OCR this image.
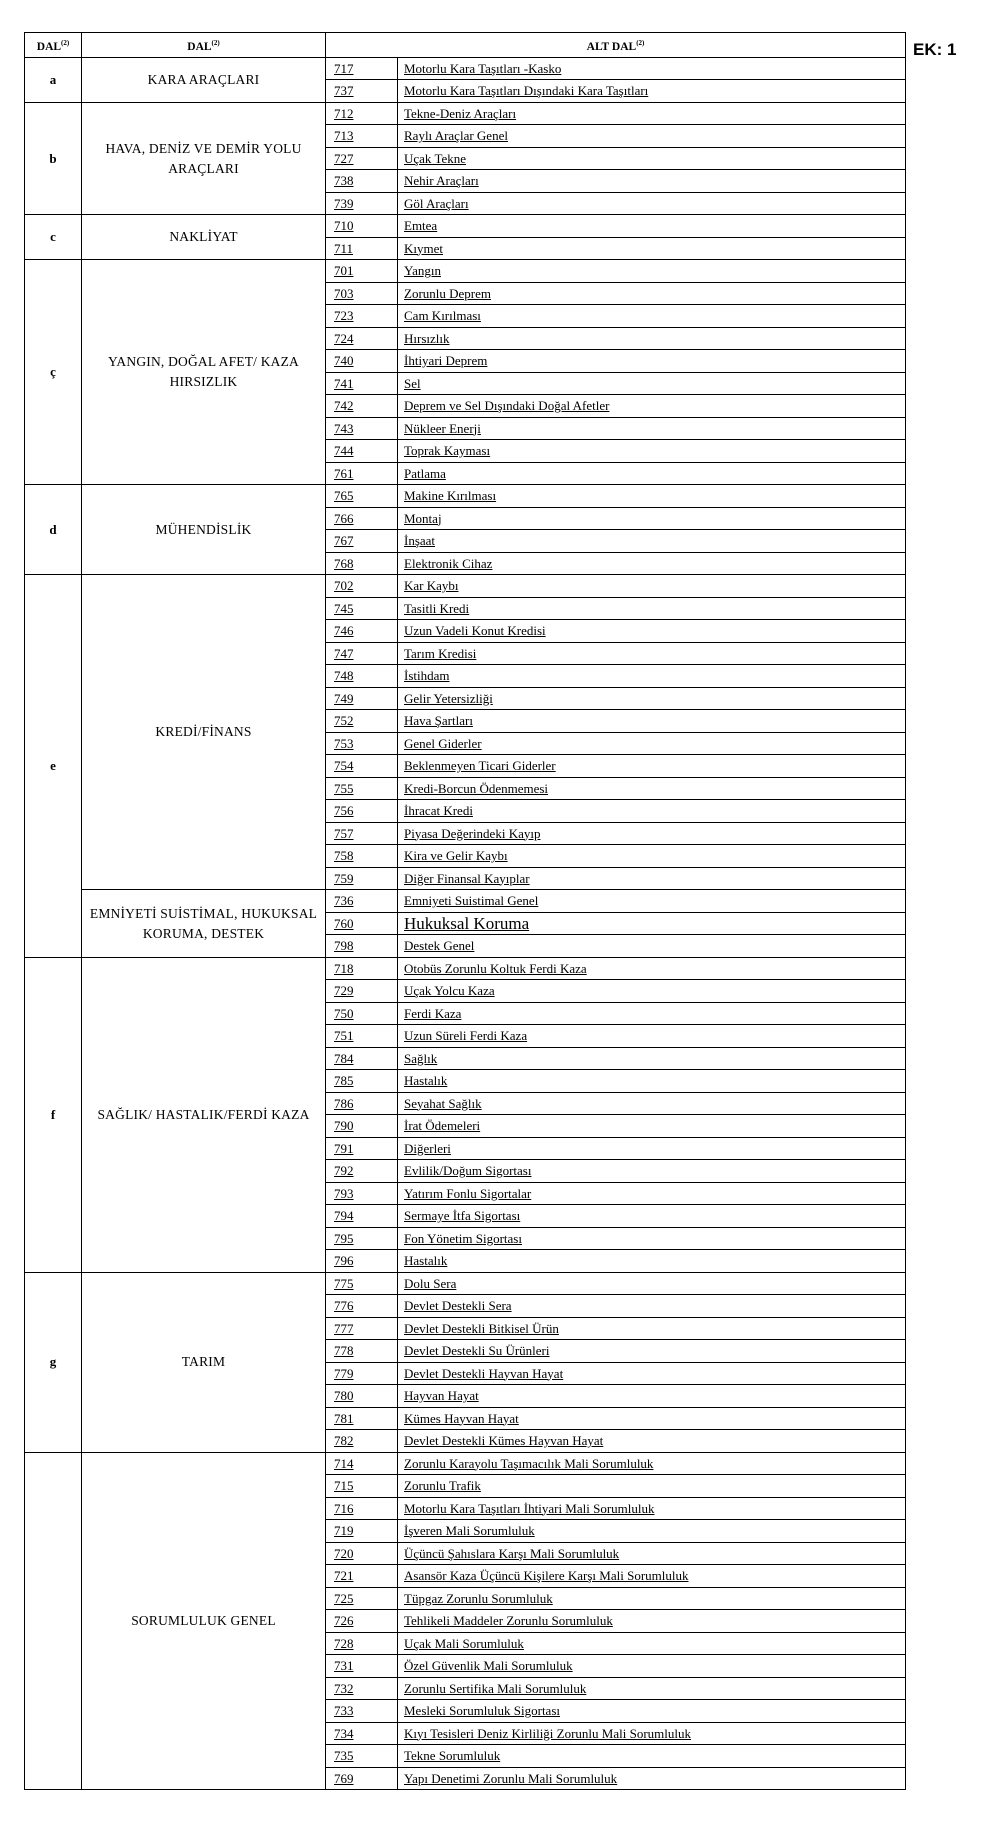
EK: 1
DAL$^{(2)}$	DAL$^{(2)}$	ALT DAL$^{(2)}$
a	KARA ARAÇLARI	717	Motorlu Kara Taşıtları -Kasko
		737	Motorlu Kara Taşıtları Dışındaki Kara Taşıtları
b	HAVA, DENİZ VE DEMİR YOLU ARAÇLARI	712	Tekne-Deniz Araçları
		713	Raylı Araçlar Genel
		727	Uçak Tekne
		738	Nehir Araçları
		739	Göl Araçları
c	NAKLİYAT	710	Emtea
		711	Kıymet
ç	YANGIN, DOĞAL AFET/ KAZA HIRSIZLIK	701	Yangın
		703	Zorunlu Deprem
		723	Cam Kırılması
		724	Hırsızlık
		740	İhtiyari Deprem
		741	Sel
		742	Deprem ve Sel Dışındaki Doğal Afetler
		743	Nükleer Enerji
		744	Toprak Kayması
		761	Patlama
d	MÜHENDİSLİK	765	Makine Kırılması
		766	Montaj
		767	İnşaat
		768	Elektronik Cihaz
e	KREDİ/FİNANS	702	Kar Kaybı
		745	Tasitli Kredi
		746	Uzun Vadeli Konut Kredisi
		747	Tarım Kredisi
		748	İstihdam
		749	Gelir Yetersizliği
		752	Hava Şartları
		753	Genel Giderler
		754	Beklenmeyen Ticari Giderler
		755	Kredi-Borcun Ödenmemesi
		756	İhracat Kredi
		757	Piyasa Değerindeki Kayıp
		758	Kira ve Gelir Kaybı
		759	Diğer Finansal Kayıplar
	EMNİYETİ SUİSTİMAL, HUKUKSAL KORUMA, DESTEK	736	Emniyeti Suistimal Genel
		760	Hukuksal Koruma
		798	Destek Genel
f	SAĞLIK/ HASTALIK/FERDİ KAZA	718	Otobüs Zorunlu Koltuk Ferdi Kaza
		729	Uçak Yolcu Kaza
		750	Ferdi Kaza
		751	Uzun Süreli Ferdi Kaza
		784	Sağlık
		785	Hastalık
		786	Seyahat Sağlık
		790	İrat Ödemeleri
		791	Diğerleri
		792	Evlilik/Doğum Sigortası
		793	Yatırım Fonlu Sigortalar
		794	Sermaye İtfa Sigortası
		795	Fon Yönetim Sigortası
		796	Hastalık
g	TARIM	775	Dolu Sera
		776	Devlet Destekli Sera
		777	Devlet Destekli Bitkisel Ürün
		778	Devlet Destekli Su Ürünleri
		779	Devlet Destekli Hayvan Hayat
		780	Hayvan Hayat
		781	Kümes Hayvan Hayat
		782	Devlet Destekli Kümes Hayvan Hayat
	SORUMLULUK GENEL	714	Zorunlu Karayolu Taşımacılık Mali Sorumluluk
		715	Zorunlu Trafik
		716	Motorlu Kara Taşıtları İhtiyari Mali Sorumluluk
		719	İşveren Mali Sorumluluk
		720	Üçüncü Şahıslara Karşı Mali Sorumluluk
		721	Asansör Kaza Üçüncü Kişilere Karşı Mali Sorumluluk
		725	Tüpgaz Zorunlu Sorumluluk
		726	Tehlikeli Maddeler Zorunlu Sorumluluk
		728	Uçak Mali Sorumluluk
		731	Özel Güvenlik Mali Sorumluluk
		732	Zorunlu Sertifika Mali Sorumluluk
		733	Mesleki Sorumluluk Sigortası
		734	Kıyı Tesisleri Deniz Kirliliği Zorunlu Mali Sorumluluk
		735	Tekne Sorumluluk
		769	Yapı Denetimi Zorunlu Mali Sorumluluk
